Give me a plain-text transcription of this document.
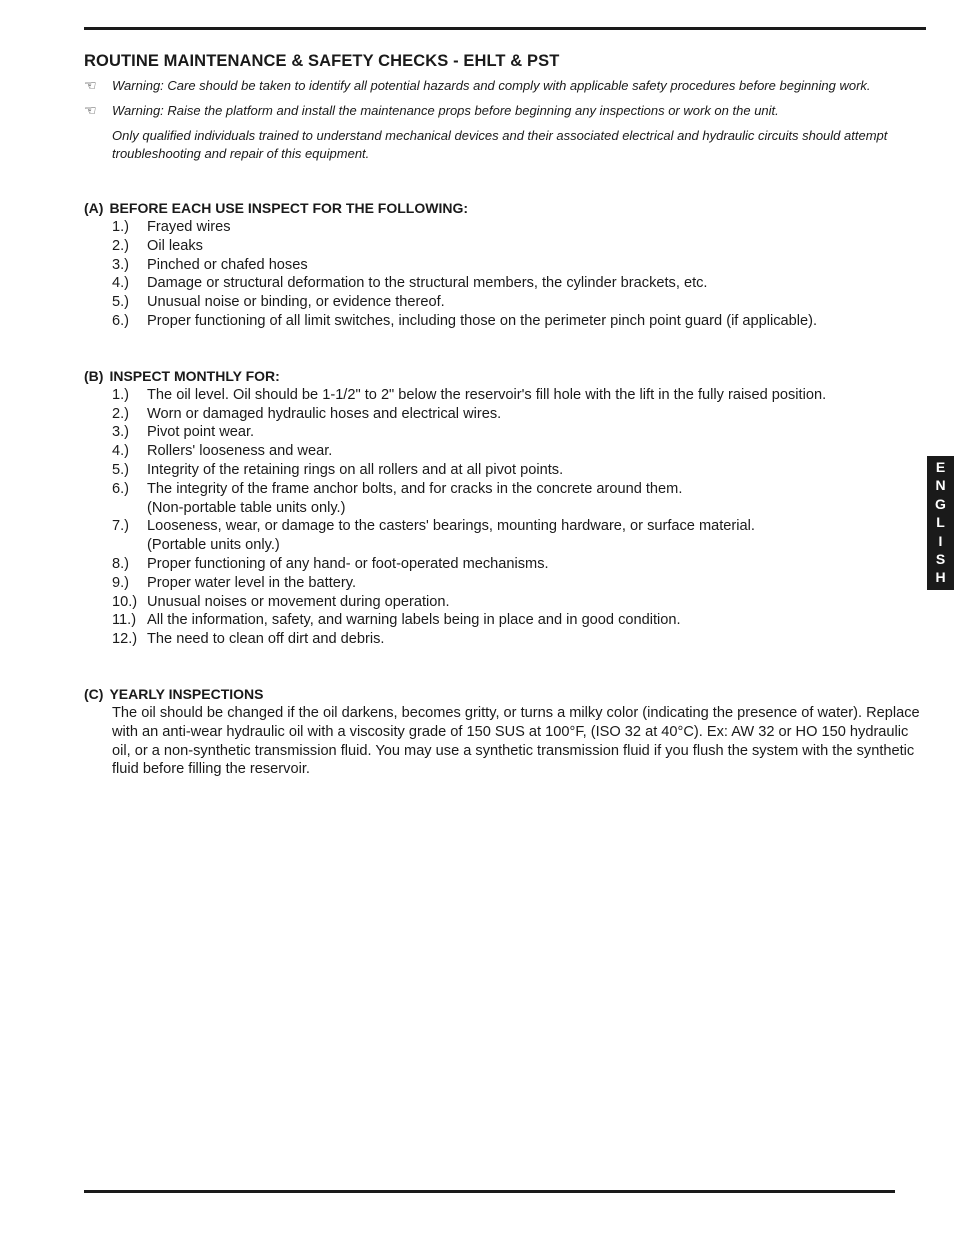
ROUTINE MAINTENANCE & SAFETY CHECKS - EHLT & PST
☜	Warning: Care should be taken to identify all potential hazards and comply with applicable safety procedures before beginning work.
☜	Warning: Raise the platform and install the maintenance props before beginning any inspections or work on the unit.
Only qualified individuals trained to understand mechanical devices and their associated electrical and hydraulic circuits should attempt troubleshooting and repair of this equipment.
(A) BEFORE EACH USE INSPECT FOR THE FOLLOWING:
1.)	Frayed wires
2.)	Oil leaks
3.)	Pinched or chafed hoses
4.)	Damage or structural deformation to the structural members, the cylinder brackets, etc.
5.)	Unusual noise or binding, or evidence thereof.
6.)	Proper functioning of all limit switches, including those on the perimeter pinch point guard (if applicable).
(B) INSPECT MONTHLY FOR:
1.)	The oil level. Oil should be 1-1/2" to 2" below the reservoir's fill hole with the lift in the fully raised position.
2.)	Worn or damaged hydraulic hoses and electrical wires.
3.)	Pivot point wear.
4.)	Rollers' looseness and wear.
5.)	Integrity of the retaining rings on all rollers and at all pivot points.
6.)	The integrity of the frame anchor bolts, and for cracks in the concrete around them.
(Non-portable table units only.)
7.)	Looseness, wear, or damage to the casters' bearings, mounting hardware, or surface material.
(Portable units only.)
8.)	Proper functioning of any hand- or foot-operated mechanisms.
9.)	Proper water level in the battery.
10.) Unusual noises or movement during operation.
11.) All the information, safety, and warning labels being in place and in good condition.
12.) The need to clean off dirt and debris.
(C) YEARLY INSPECTIONS
The oil should be changed if the oil darkens, becomes gritty, or turns a milky color (indicating the presence of water). Replace with an anti-wear hydraulic oil with a viscosity grade of 150 SUS at 100°F, (ISO 32 at 40°C). Ex: AW 32 or HO 150 hydraulic oil, or a non-synthetic transmission fluid. You may use a synthetic transmission fluid if you flush the system with the synthetic fluid before filling the reservoir.
E
N
G
L
I
S
H
